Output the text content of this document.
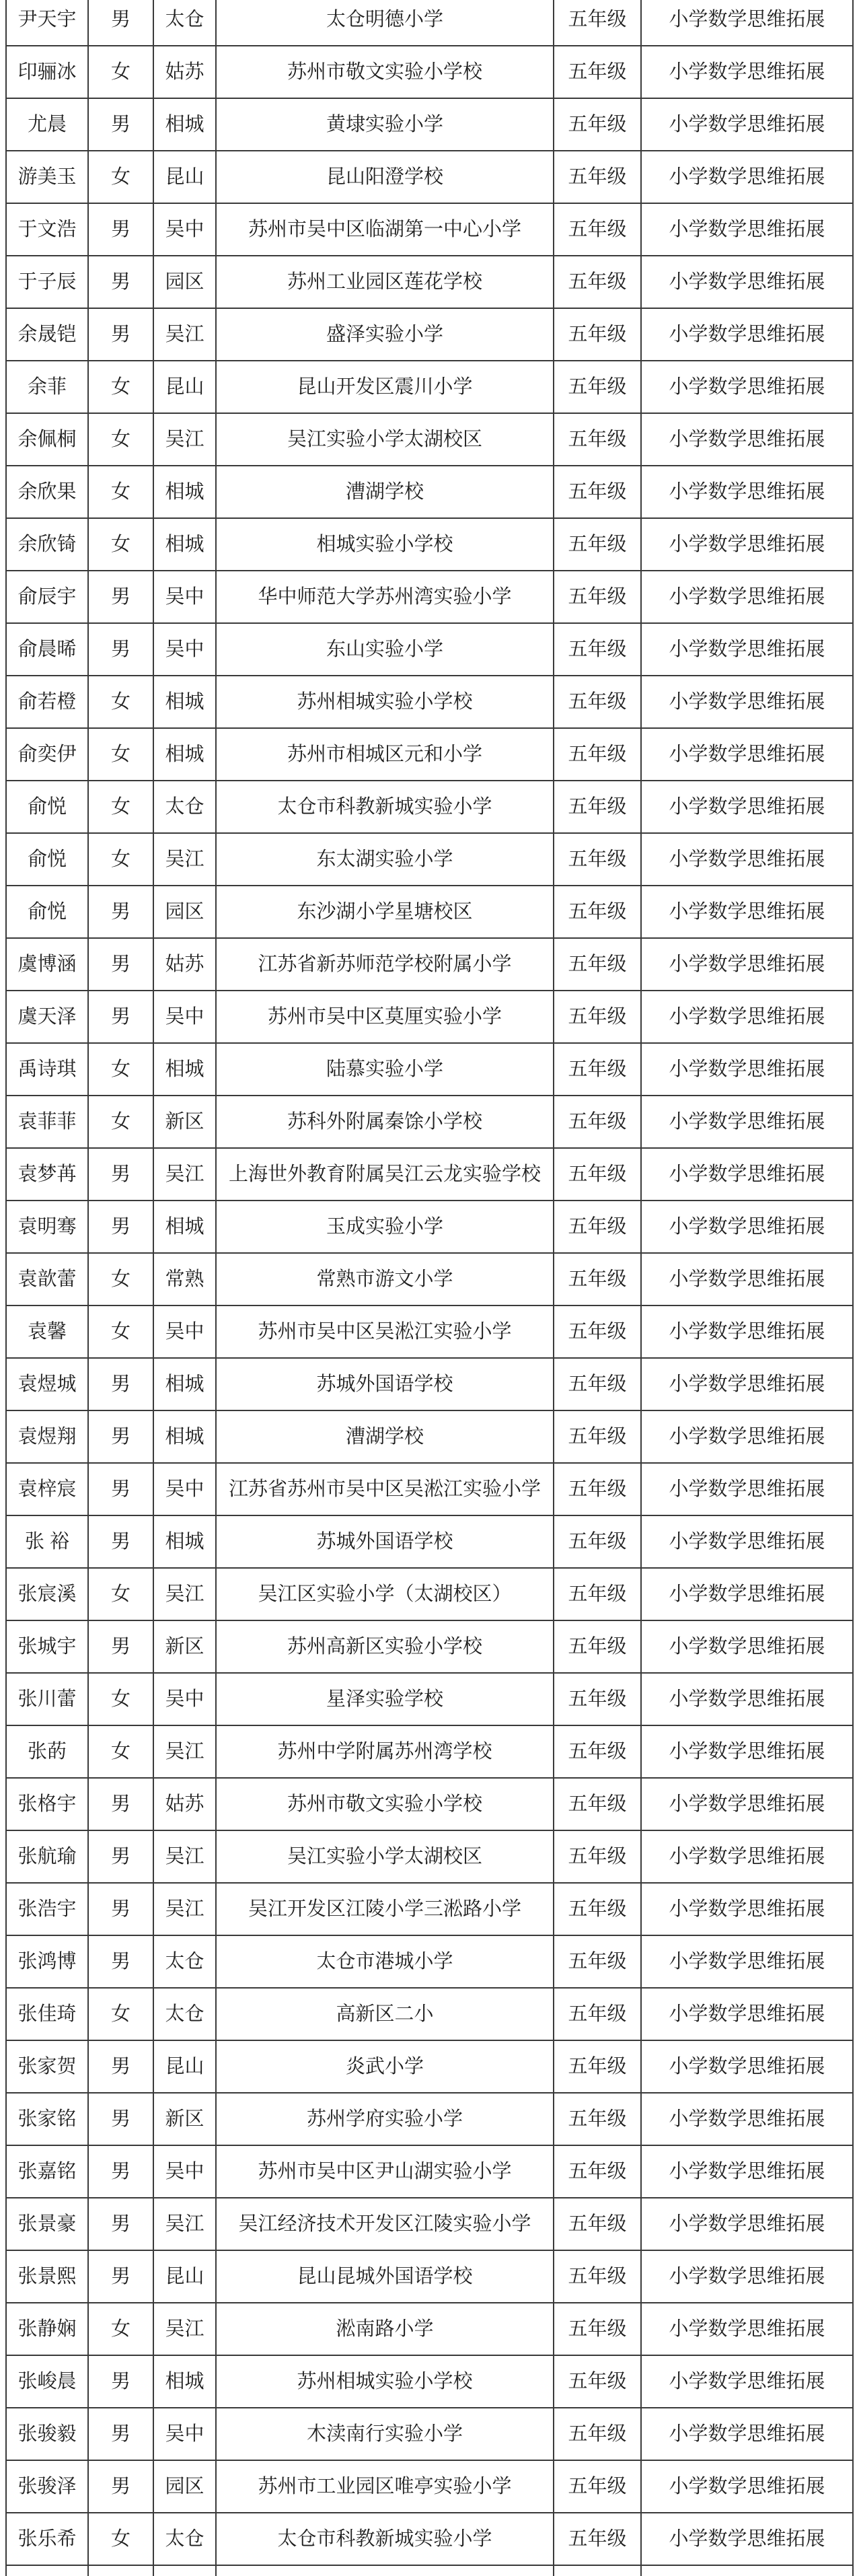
尹天宇	男	太仓	太仓明德小学	五年级	小学数学思维拓展
印骊冰	女	姑苏	苏州市敬文实验小学校	五年级	小学数学思维拓展
尤晨	男	相城	黄埭实验小学	五年级	小学数学思维拓展
游美玉	女	昆山	昆山阳澄学校	五年级	小学数学思维拓展
于文浩	男	吴中	苏州市吴中区临湖第一中心小学	五年级	小学数学思维拓展
于子辰	男	园区	苏州工业园区莲花学校	五年级	小学数学思维拓展
余晟铠	男	吴江	盛泽实验小学	五年级	小学数学思维拓展
余菲	女	昆山	昆山开发区震川小学	五年级	小学数学思维拓展
余佩桐	女	吴江	吴江实验小学太湖校区	五年级	小学数学思维拓展
余欣果	女	相城	漕湖学校	五年级	小学数学思维拓展
余欣锜	女	相城	相城实验小学校	五年级	小学数学思维拓展
俞辰宇	男	吴中	华中师范大学苏州湾实验小学	五年级	小学数学思维拓展
俞晨晞	男	吴中	东山实验小学	五年级	小学数学思维拓展
俞若橙	女	相城	苏州相城实验小学校	五年级	小学数学思维拓展
俞奕伊	女	相城	苏州市相城区元和小学	五年级	小学数学思维拓展
俞悦	女	太仓	太仓市科教新城实验小学	五年级	小学数学思维拓展
俞悦	女	吴江	东太湖实验小学	五年级	小学数学思维拓展
俞悦	男	园区	东沙湖小学星塘校区	五年级	小学数学思维拓展
虞博涵	男	姑苏	江苏省新苏师范学校附属小学	五年级	小学数学思维拓展
虞天泽	男	吴中	苏州市吴中区莫厘实验小学	五年级	小学数学思维拓展
禹诗琪	女	相城	陆慕实验小学	五年级	小学数学思维拓展
袁菲菲	女	新区	苏科外附属秦馀小学校	五年级	小学数学思维拓展
袁梦苒	男	吴江	上海世外教育附属吴江云龙实验学校	五年级	小学数学思维拓展
袁明骞	男	相城	玉成实验小学	五年级	小学数学思维拓展
袁歆蕾	女	常熟	常熟市游文小学	五年级	小学数学思维拓展
袁馨	女	吴中	苏州市吴中区吴淞江实验小学	五年级	小学数学思维拓展
袁煜城	男	相城	苏城外国语学校	五年级	小学数学思维拓展
袁煜翔	男	相城	漕湖学校	五年级	小学数学思维拓展
袁梓宸	男	吴中	江苏省苏州市吴中区吴淞江实验小学	五年级	小学数学思维拓展
张 裕	男	相城	苏城外国语学校	五年级	小学数学思维拓展
张宸溪	女	吴江	吴江区实验小学（太湖校区）	五年级	小学数学思维拓展
张城宇	男	新区	苏州高新区实验小学校	五年级	小学数学思维拓展
张川蕾	女	吴中	星泽实验学校	五年级	小学数学思维拓展
张菂	女	吴江	苏州中学附属苏州湾学校	五年级	小学数学思维拓展
张格宇	男	姑苏	苏州市敬文实验小学校	五年级	小学数学思维拓展
张航瑜	男	吴江	吴江实验小学太湖校区	五年级	小学数学思维拓展
张浩宇	男	吴江	吴江开发区江陵小学三淞路小学	五年级	小学数学思维拓展
张鸿博	男	太仓	太仓市港城小学	五年级	小学数学思维拓展
张佳琦	女	太仓	高新区二小	五年级	小学数学思维拓展
张家贺	男	昆山	炎武小学	五年级	小学数学思维拓展
张家铭	男	新区	苏州学府实验小学	五年级	小学数学思维拓展
张嘉铭	男	吴中	苏州市吴中区尹山湖实验小学	五年级	小学数学思维拓展
张景豪	男	吴江	吴江经济技术开发区江陵实验小学	五年级	小学数学思维拓展
张景熙	男	昆山	昆山昆城外国语学校	五年级	小学数学思维拓展
张静娴	女	吴江	淞南路小学	五年级	小学数学思维拓展
张峻晨	男	相城	苏州相城实验小学校	五年级	小学数学思维拓展
张骏毅	男	吴中	木渎南行实验小学	五年级	小学数学思维拓展
张骏泽	男	园区	苏州市工业园区唯亭实验小学	五年级	小学数学思维拓展
张乐希	女	太仓	太仓市科教新城实验小学	五年级	小学数学思维拓展
